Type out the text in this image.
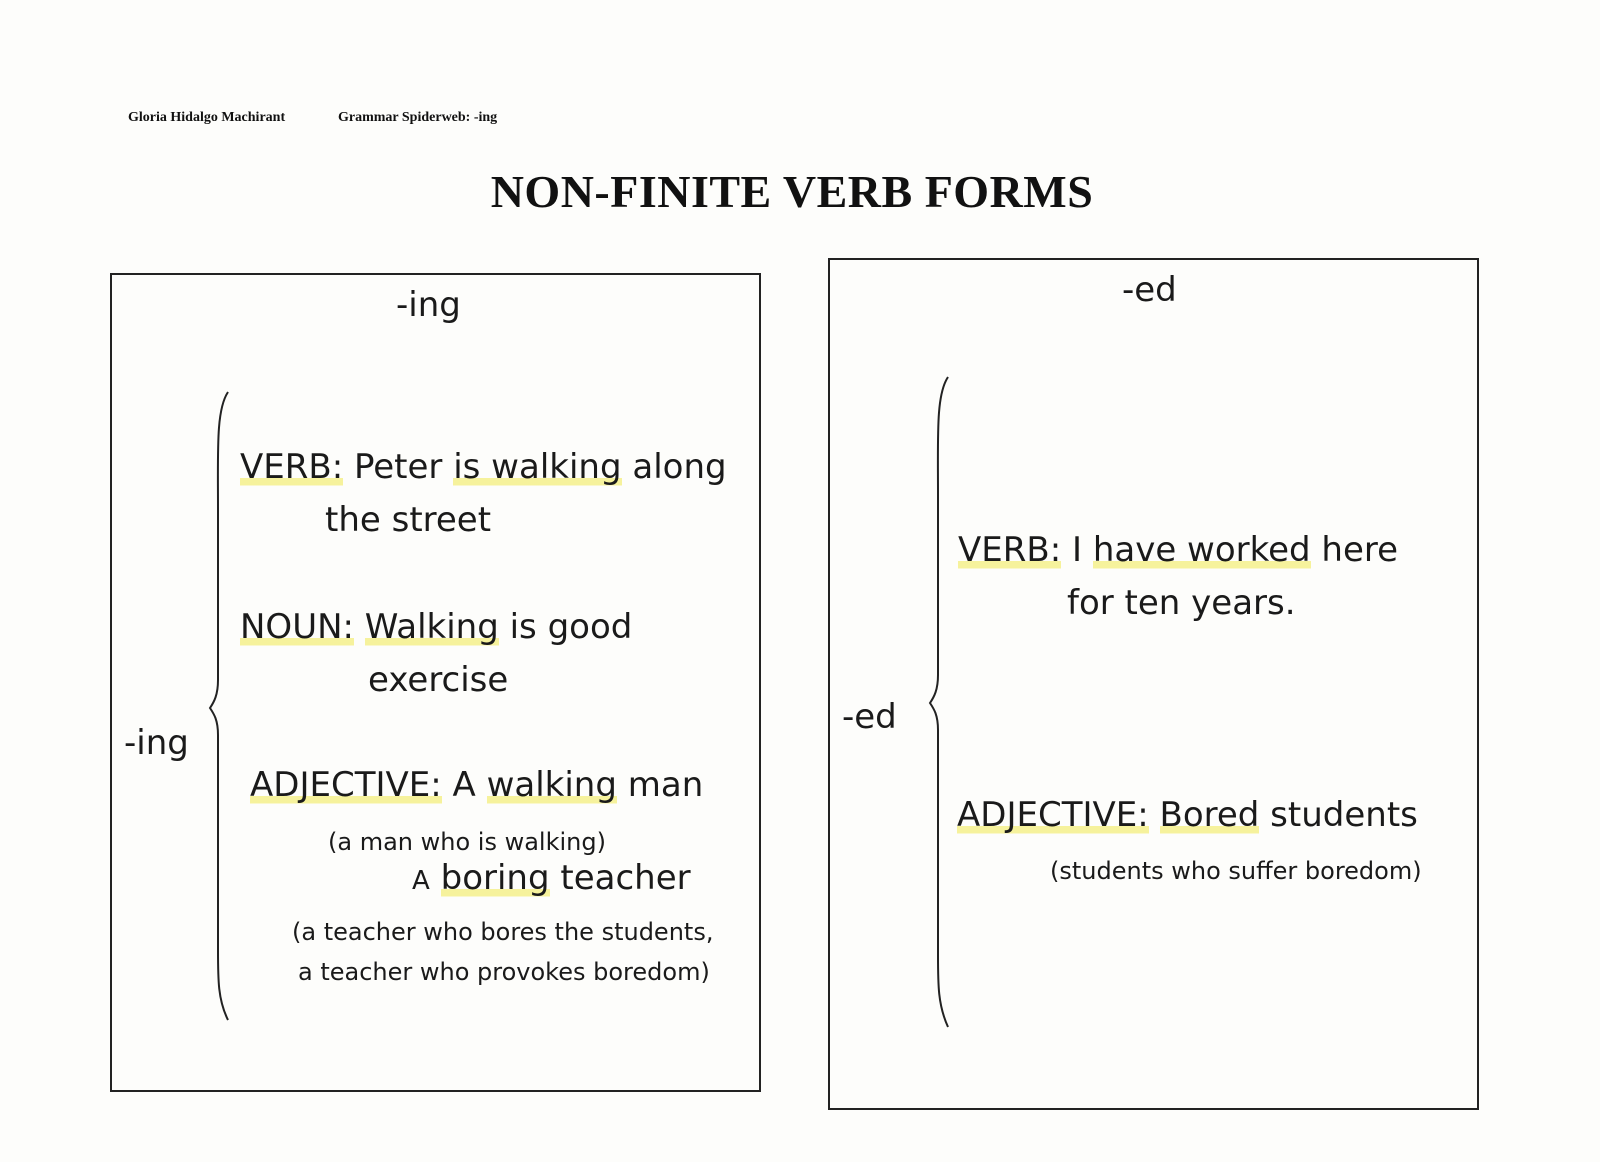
Gloria Hidalgo Machirant	Grammar Spiderweb: -ing
NON-FINITE VERB FORMS
-ing
-ing
VERB: Peter is walking along
the street
NOUN: Walking is good
exercise
ADJECTIVE: A walking man
(a man who is walking)
A boring teacher
(a teacher who bores the students,
a teacher who provokes boredom)
-ed
-ed
VERB: I have worked here
for ten years.
ADJECTIVE: Bored students
(students who suffer boredom)
